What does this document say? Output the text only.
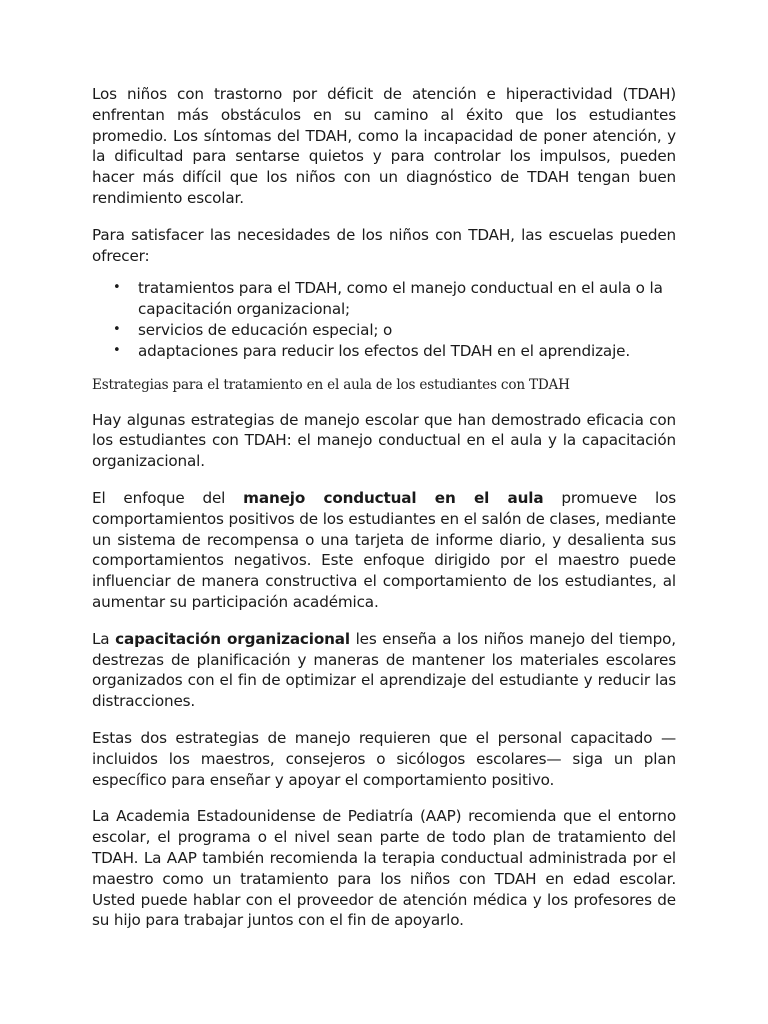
Los niños con trastorno por déficit de atención e hiperactividad (TDAH) enfrentan más obstáculos en su camino al éxito que los estudiantes promedio. Los síntomas del TDAH, como la incapacidad de poner atención, y la dificultad para sentarse quietos y para controlar los impulsos, pueden hacer más difícil que los niños con un diagnóstico de TDAH tengan buen rendimiento escolar.

Para satisfacer las necesidades de los niños con TDAH, las escuelas pueden ofrecer:

• tratamientos para el TDAH, como el manejo conductual en el aula o la capacitación organizacional;
• servicios de educación especial; o
• adaptaciones para reducir los efectos del TDAH en el aprendizaje.
Estrategias para el tratamiento en el aula de los estudiantes con TDAH

Hay algunas estrategias de manejo escolar que han demostrado eficacia con los estudiantes con TDAH: el manejo conductual en el aula y la capacitación organizacional.

El enfoque del manejo conductual en el aula promueve los comportamientos positivos de los estudiantes en el salón de clases, mediante un sistema de recompensa o una tarjeta de informe diario, y desalienta sus comportamientos negativos. Este enfoque dirigido por el maestro puede influenciar de manera constructiva el comportamiento de los estudiantes, al aumentar su participación académica.

La capacitación organizacional les enseña a los niños manejo del tiempo, destrezas de planificación y maneras de mantener los materiales escolares organizados con el fin de optimizar el aprendizaje del estudiante y reducir las distracciones.

Estas dos estrategias de manejo requieren que el personal capacitado — incluidos los maestros, consejeros o sicólogos escolares— siga un plan específico para enseñar y apoyar el comportamiento positivo.

La Academia Estadounidense de Pediatría (AAP) recomienda que el entorno escolar, el programa o el nivel sean parte de todo plan de tratamiento del TDAH. La AAP también recomienda la terapia conductual administrada por el maestro como un tratamiento para los niños con TDAH en edad escolar. Usted puede hablar con el proveedor de atención médica y los profesores de su hijo para trabajar juntos con el fin de apoyarlo.
